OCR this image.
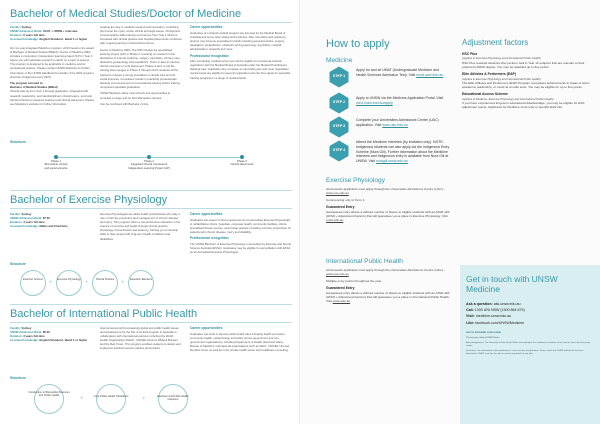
Bachelor of Medical Studies/Doctor of Medicine
Faculty: Sydney
UNSW Admission Rank: UCAT + UNSW + interview
Duration: 6 years full-time
Assumed knowledge: English Standard - Band 4 or higher

Our six-year integrated Medicine program, which leads to the award of Bachelor of Medical Studies (BMed) / Doctor of Medicine (MD), includes a compulsory Independent learning project (ILP) in Year 4 where you will undertake research in depth on a topic of interest. The program is designed to be applicable to medicine and its professional practice. Please contact UNSW Medicine for further information or the UNSW Handbook for details of the 2023 program structure (Indigenous entry 2007).

The program can lead to:
Bachelor of Medical Studies (BMed)
Clinical training from Year 1 through graduation. Integrated with research, leadership, and interdisciplinary clinical teams, and rural clinical schools for students seeking rural clinical placement. Please see Medicine's website for further information.

Leading the way in medical research and innovation, combining the human life cycle, social, ethical and legal issues. Clinical and communication skills training commences from Year 1 which is increased with clinical practice and hospital placements combined with ongoing learning in biomedical science.

Doctor of Medicine (MD): The MD includes the specialised learning project (ILP) in Phase 2, focusing on research in the disciplines of internal medicine, surgery, psychiatry, primary care, obstetrics gynaecology and paediatrics. There is also an elective clinical overseas or rural placement. Phase 3 aims to put the training that emerges in Phase 3 through which students will be trained to prepare a strong foundation in clinical care and the social sciences. Completion results in practicing professionals, allowing commencement of prevocational training before training recognised specialist graduation.

UNSW Medicine offers rural schools and opportunities to complete a range and on Port Macquarie campus.

Can be combined with Bachelor of Arts.

Career opportunities

Graduates of a clinical medical program are licensed by the Medical Board of Australia and some other states and territories. After internship and residency, doctors may become specialised in fields including general practice, surgery, paediatrics, anaesthetics, obstetrics and gynaecology, psychiatry, medical administration, research and more.

Professional recognition

After completing medical school you will be eligible for provisional medical registration with the Medical Board of Australia under the Medical Practitioners National Law. Graduates who complete an internship year and meet registration requirements are eligible for general registration and can then apply for specialist training programs in a range of medical fields.

Structure
Phase 1
Biomedical, clinical
and social sciences
Phase 2
Integrated Clinical Coursework
Independent Learning Project (ILP)
Phase 3
Clinical placements
Bachelor of Exercise Physiology
Faculty: Sydney
UNSW Admission Rank: 87.50
Duration: 4 years full-time
Assumed knowledge: Maths and Chemistry

Exercise Physiologists are allied health professionals who play a role in both the prevention and management of chronic disease and injury. This program offers a comprehensive education in the science of exercise and health through clinical practice, physiology, biomechanics and anatomy, training you to develop skills to help people with long-term health conditions and disabilities.

Career opportunities

Graduates can expect to find employment as an accredited Exercise Physiologist in rehabilitation clinics, hospitals, corporate health, community facilities, clinics, specialised fitness centres, and private practice providing exercise prescription for patients with chronic disease, injury and disability.

Professional recognition

The UNSW Bachelor of Exercise Physiology is accredited by Exercise and Sports Science Australia (ESSA). Graduates may be eligible for accreditation with ESSA as an Accredited Exercise Physiologist.

Structure
Exercise Science
+
Exercise Physiology
+
Clinical Practice
+
Research Electives
Bachelor of International Public Health
Faculty: Sydney
UNSW Admission Rank: 85.00
Duration: 3 years full-time
Assumed knowledge: English Standard - Band 4 or higher

Interconnected with increasingly global and public health issues and developed to be the first of its kind program in Australia in collaboration with international partners including the World Health Organization (WHO), UNICEF, Doctors Without Borders and the Red Cross. This program enables students to design and implement solutions across cultures and borders.

Career opportunities

Graduates can work in diverse public health roles including health promotion, community health, epidemiology and policy across government and non-government organisations, including Department of Health (local and state), Bureau of Statistics, international organisations such as WHO, UNICEF, UN and the Red Cross, as well as in the private health sector and healthcare consulting.

Structure
Introduction to Biomedical Sciences and Public Health
+	Core Public Health Disciplines +	Electives and Public Health Capstone
How to apply
Medicine
STEP 1
Apply for and sit UMAT (Undergraduate Medicine and Health Sciences Admission Test). Visit umat.acer.edu.au
STEP 2
Apply to UNSW via the Medicine Application Portal. Visit med.unsw.edu.au/apply
STEP 3
Complete your Universities Admissions Centre (UAC) application. Visit www.uac.edu.au
STEP 4
Attend the Medicine Interview (by invitation only). NOTE: Indigenous students can also apply via the Indigenous Entry Scheme (Nura Gili). Further information about the Medicine interview and Indigenous entry is available from Nura Gili at UNSW. Visit nuragili.unsw.edu.au
Exercise Physiology

All domestic applicants must apply through the Universities Admissions Centre (UAC) – www.uac.edu.au

Commencing only in Term 1.

Guaranteed Entry

Guaranteed entry allows a defined number of places to eligible students with an ATAR with (ATAR + Adjustment Factors) that will guarantee you a place in Exercise Physiology. Visit unsw.edu.au

International Public Health

All domestic applicants must apply through the Universities Admissions Centre (UAC) – www.uac.edu.au

Multiple entry points throughout the year.

Guaranteed Entry

Guaranteed entry allows a defined number of places to eligible students with an ATAR with (ATAR + Adjustment Factors) that will guarantee you a place in International Public Health. Visit unsw.edu.au

Adjustment factors
HSC Plus
(Applies to Exercise Physiology and International Public Health)

HSC Plus rewards students who perform well in Year 12 subjects that are relevant to their preferred UNSW degree. You may be awarded up to five points.

Elite Athletes & Performers (EAP)
(Applies to Exercise Physiology and International Public Health)

The Elite Athletes and Performers (EAP) Program recognises achievements in areas of sport, academia, leadership, or music at an elite level. You may be eligible for up to five points.

Educational Access Scheme
(Applies to Medicine, Exercise Physiology and International Public Health)

If you have experienced long-term educational disadvantage, you may be eligible for EAS adjustment points. Applicants for Medicine must refer to specific EAS info.

Get in touch with UNSW Medicine
Ask a question: ask.unsw.edu.au
Call: 1300 UNI NSW (1300 864 679)
Visit: medicine.unsw.edu.au
Like: facebook.com/UNSWMedicine

CRICOS PROVIDER CODE 00098G

Photography: Nikolai/UNSW Media

Acknowledgement: The University of New South Wales acknowledges the traditional custodians of the land on which the University stands.

Disclaimer: The information in this publication is correct at time of publication. Please check the UNSW website for the latest information. UNSW reserves the right to amend any details at any time.
